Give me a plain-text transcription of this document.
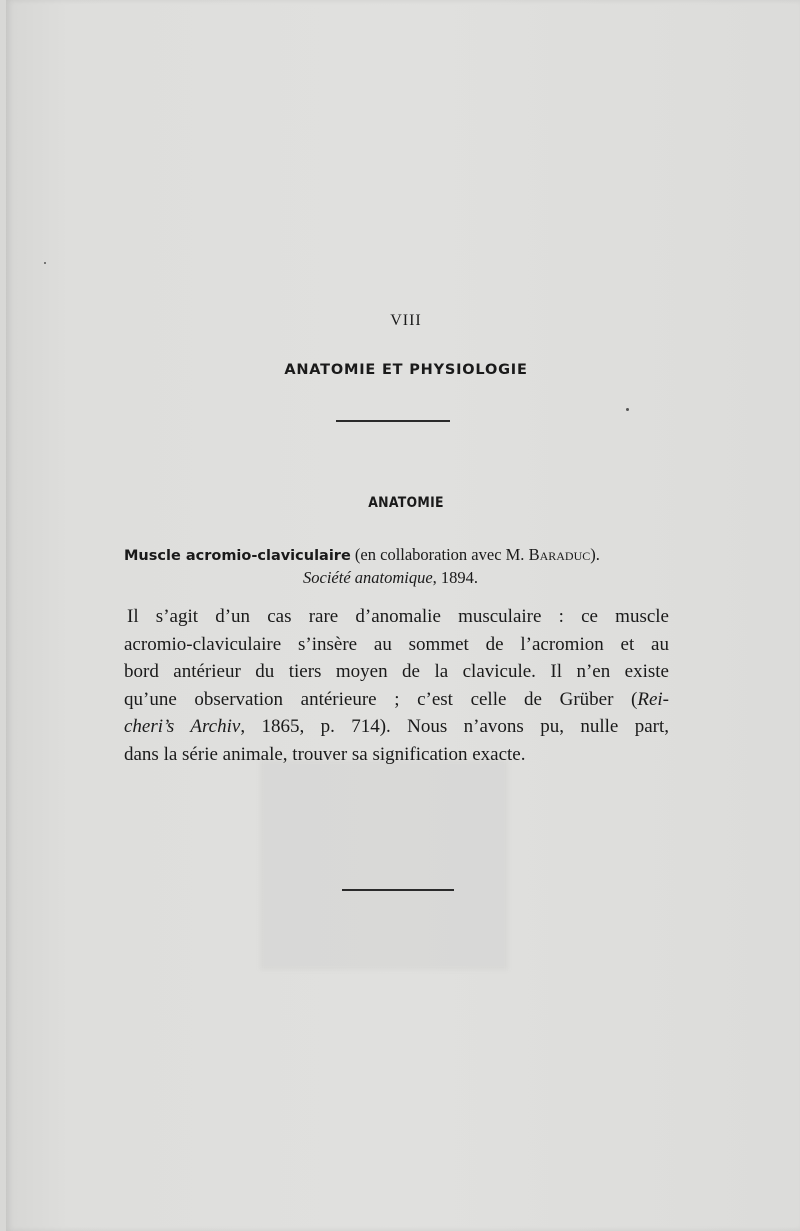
VIII
ANATOMIE ET PHYSIOLOGIE
ANATOMIE
Muscle acromio-claviculaire (en collaboration avec M. Baraduc).
Société anatomique, 1894.
Il s’agit d’un cas rare d’anomalie musculaire : ce muscle
acromio-claviculaire s’insère au sommet de l’acromion et au
bord antérieur du tiers moyen de la clavicule. Il n’en existe
qu’une observation antérieure ; c’est celle de Grüber (Rei-
cheri’s Archiv, 1865, p. 714). Nous n’avons pu, nulle part,
dans la série animale, trouver sa signification exacte.
